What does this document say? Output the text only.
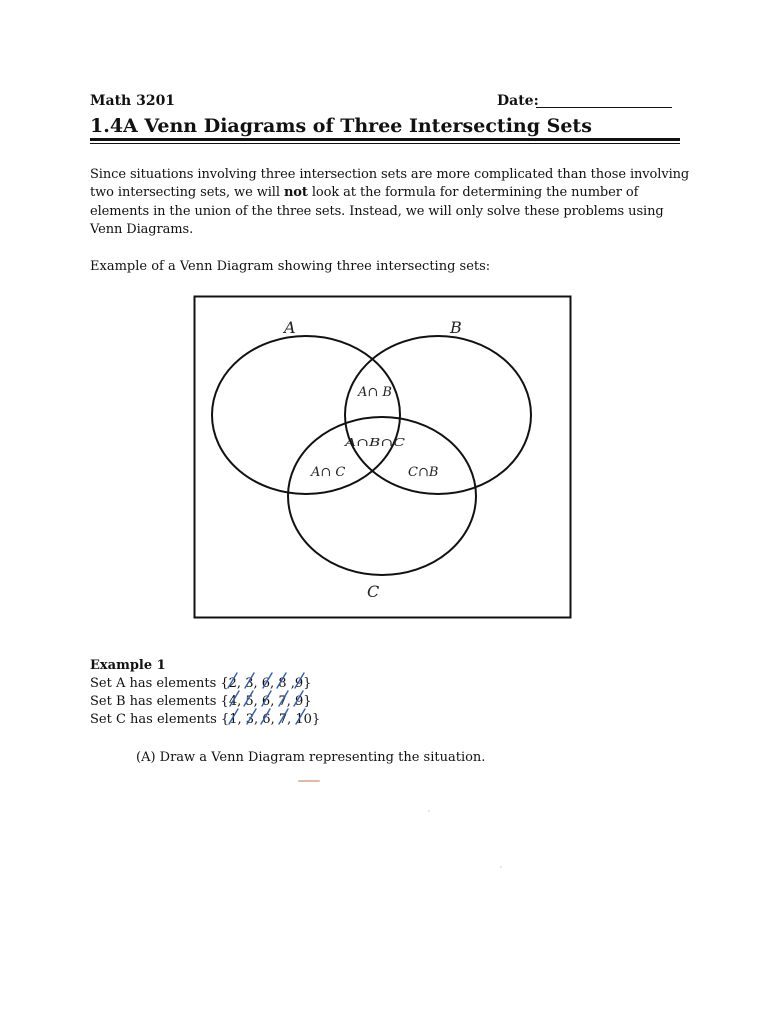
Math 3201	Date:
1.4A Venn Diagrams of Three Intersecting Sets

Since situations involving three intersection sets are more complicated than those involving two intersecting sets, we will not look at the formula for determining the number of elements in the union of the three sets. Instead, we will only solve these problems using Venn Diagrams.

Example of a Venn Diagram showing three intersecting sets:

A	B
C
A∩ B
A∩ C	C∩B
A∩B∩C

Example 1

Set A has elements {2
, 3
, 6
, 8
,9
}

Set B has elements {4
, 5
, 6
, 7
, 9
}

Set C has elements {1
, 3
, 6
, 7
, 10
}

(A) Draw a Venn Diagram representing the situation.
